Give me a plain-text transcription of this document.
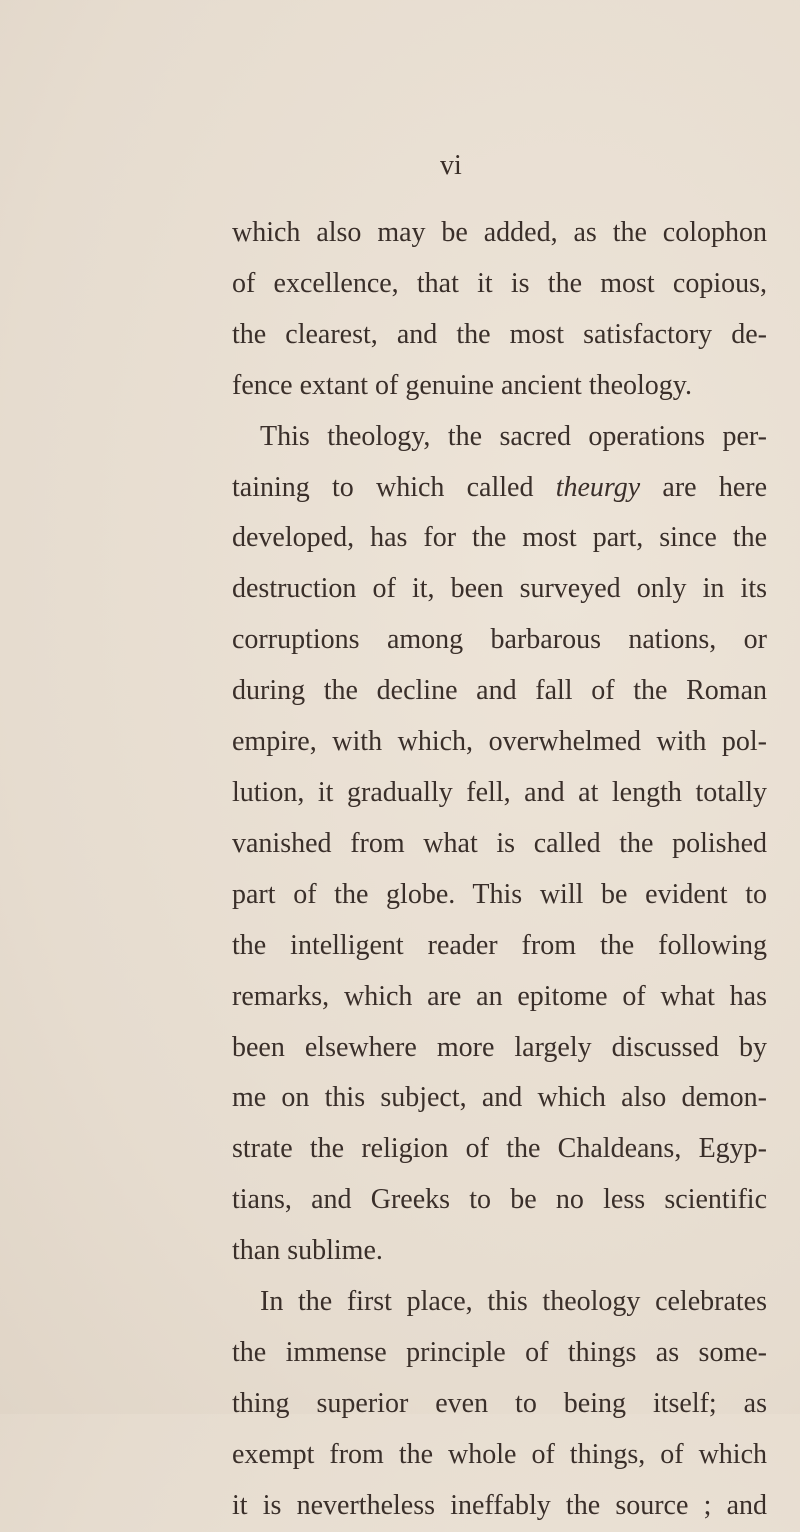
vi
which also may be added, as the colophon
of excellence, that it is the most copious,
the clearest, and the most satisfactory de-
fence extant of genuine ancient theology.
This theology, the sacred operations per-
taining to which called theurgy are here
developed, has for the most part, since the
destruction of it, been surveyed only in its
corruptions among barbarous nations, or
during the decline and fall of the Roman
empire, with which, overwhelmed with pol-
lution, it gradually fell, and at length totally
vanished from what is called the polished
part of the globe. This will be evident to
the intelligent reader from the following
remarks, which are an epitome of what has
been elsewhere more largely discussed by
me on this subject, and which also demon-
strate the religion of the Chaldeans, Egyp-
tians, and Greeks to be no less scientific
than sublime.
In the first place, this theology celebrates
the immense principle of things as some-
thing superior even to being itself; as
exempt from the whole of things, of which
it is nevertheless ineffably the source ; and
